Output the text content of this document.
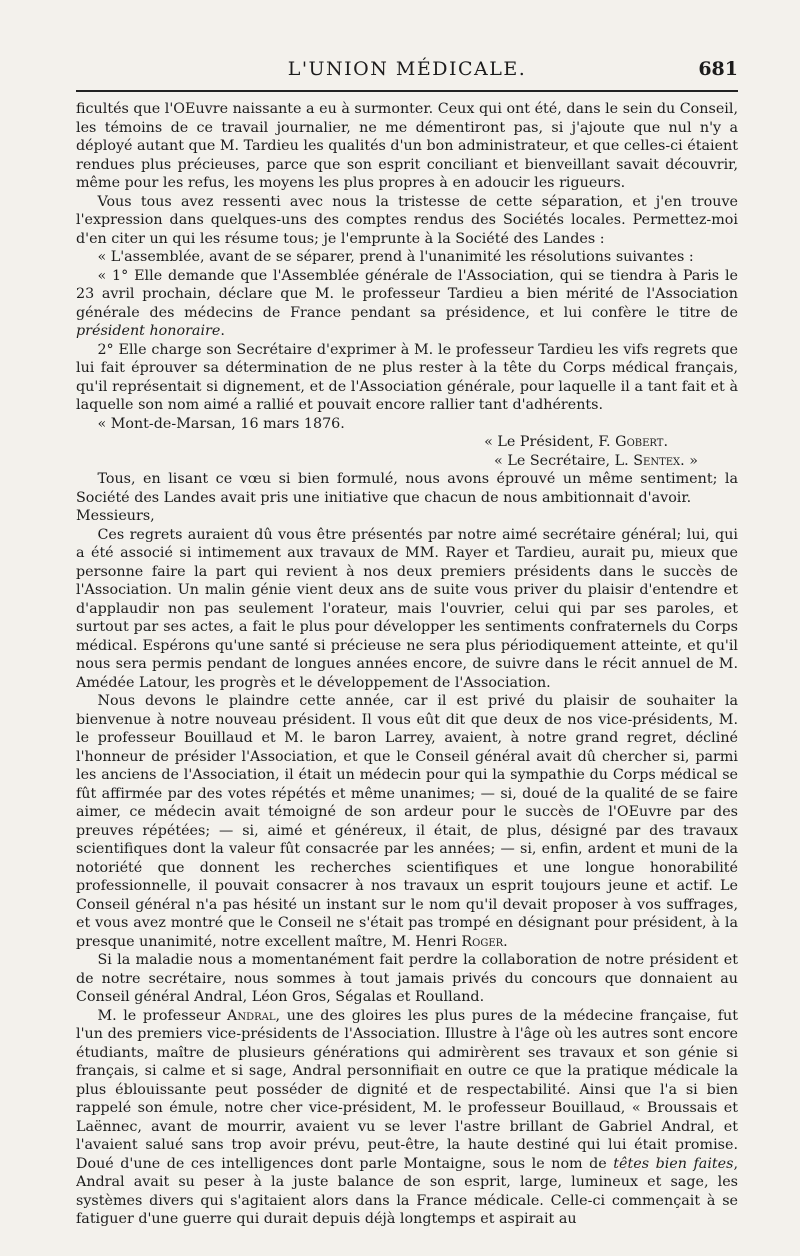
L'UNION MÉDICALE.	681

ficultés que l'OEuvre naissante a eu à surmonter. Ceux qui ont été, dans le sein du Conseil, les témoins de ce travail journalier, ne me démentiront pas, si j'ajoute que nul n'y a déployé autant que M. Tardieu les qualités d'un bon administrateur, et que celles-ci étaient rendues plus précieuses, parce que son esprit conciliant et bienveillant savait découvrir, même pour les refus, les moyens les plus propres à en adoucir les rigueurs.

Vous tous avez ressenti avec nous la tristesse de cette séparation, et j'en trouve l'expression dans quelques-uns des comptes rendus des Sociétés locales. Permettez-moi d'en citer un qui les résume tous; je l'emprunte à la Société des Landes :

« L'assemblée, avant de se séparer, prend à l'unanimité les résolutions suivantes :

« 1° Elle demande que l'Assemblée générale de l'Association, qui se tiendra à Paris le 23 avril prochain, déclare que M. le professeur Tardieu a bien mérité de l'Association générale des médecins de France pendant sa présidence, et lui confère le titre de président honoraire.

2° Elle charge son Secrétaire d'exprimer à M. le professeur Tardieu les vifs regrets que lui fait éprouver sa détermination de ne plus rester à la tête du Corps médical français, qu'il représentait si dignement, et de l'Association générale, pour laquelle il a tant fait et à laquelle son nom aimé a rallié et pouvait encore rallier tant d'adhérents.

« Mont-de-Marsan, 16 mars 1876.

« Le Président, F. Gobert.

« Le Secrétaire, L. Sentex. »

Tous, en lisant ce vœu si bien formulé, nous avons éprouvé un même sentiment; la Société des Landes avait pris une initiative que chacun de nous ambitionnait d'avoir.

Messieurs,

Ces regrets auraient dû vous être présentés par notre aimé secrétaire général; lui, qui a été associé si intimement aux travaux de MM. Rayer et Tardieu, aurait pu, mieux que personne faire la part qui revient à nos deux premiers présidents dans le succès de l'Association. Un malin génie vient deux ans de suite vous priver du plaisir d'entendre et d'applaudir non pas seulement l'orateur, mais l'ouvrier, celui qui par ses paroles, et surtout par ses actes, a fait le plus pour développer les sentiments confraternels du Corps médical. Espérons qu'une santé si précieuse ne sera plus périodiquement atteinte, et qu'il nous sera permis pendant de longues années encore, de suivre dans le récit annuel de M. Amédée Latour, les progrès et le développement de l'Association.

Nous devons le plaindre cette année, car il est privé du plaisir de souhaiter la bienvenue à notre nouveau président. Il vous eût dit que deux de nos vice-présidents, M. le professeur Bouillaud et M. le baron Larrey, avaient, à notre grand regret, décliné l'honneur de présider l'Association, et que le Conseil général avait dû chercher si, parmi les anciens de l'Association, il était un médecin pour qui la sympathie du Corps médical se fût affirmée par des votes répétés et même unanimes; — si, doué de la qualité de se faire aimer, ce médecin avait témoigné de son ardeur pour le succès de l'OEuvre par des preuves répétées; — si, aimé et généreux, il était, de plus, désigné par des travaux scientifiques dont la valeur fût consacrée par les années; — si, enfin, ardent et muni de la notoriété que donnent les recherches scientifiques et une longue honorabilité professionnelle, il pouvait consacrer à nos travaux un esprit toujours jeune et actif. Le Conseil général n'a pas hésité un instant sur le nom qu'il devait proposer à vos suffrages, et vous avez montré que le Conseil ne s'était pas trompé en désignant pour président, à la presque unanimité, notre excellent maître, M. Henri Roger.

Si la maladie nous a momentanément fait perdre la collaboration de notre président et de notre secrétaire, nous sommes à tout jamais privés du concours que donnaient au Conseil général Andral, Léon Gros, Ségalas et Roulland.

M. le professeur Andral, une des gloires les plus pures de la médecine française, fut l'un des premiers vice-présidents de l'Association. Illustre à l'âge où les autres sont encore étudiants, maître de plusieurs générations qui admirèrent ses travaux et son génie si français, si calme et si sage, Andral personnifiait en outre ce que la pratique médicale la plus éblouissante peut posséder de dignité et de respectabilité. Ainsi que l'a si bien rappelé son émule, notre cher vice-président, M. le professeur Bouillaud, « Broussais et Laënnec, avant de mourrir, avaient vu se lever l'astre brillant de Gabriel Andral, et l'avaient salué sans trop avoir prévu, peut-être, la haute destiné qui lui était promise. Doué d'une de ces intelligences dont parle Montaigne, sous le nom de têtes bien faites, Andral avait su peser à la juste balance de son esprit, large, lumineux et sage, les systèmes divers qui s'agitaient alors dans la France médicale. Celle-ci commençait à se fatiguer d'une guerre qui durait depuis déjà longtemps et aspirait au
